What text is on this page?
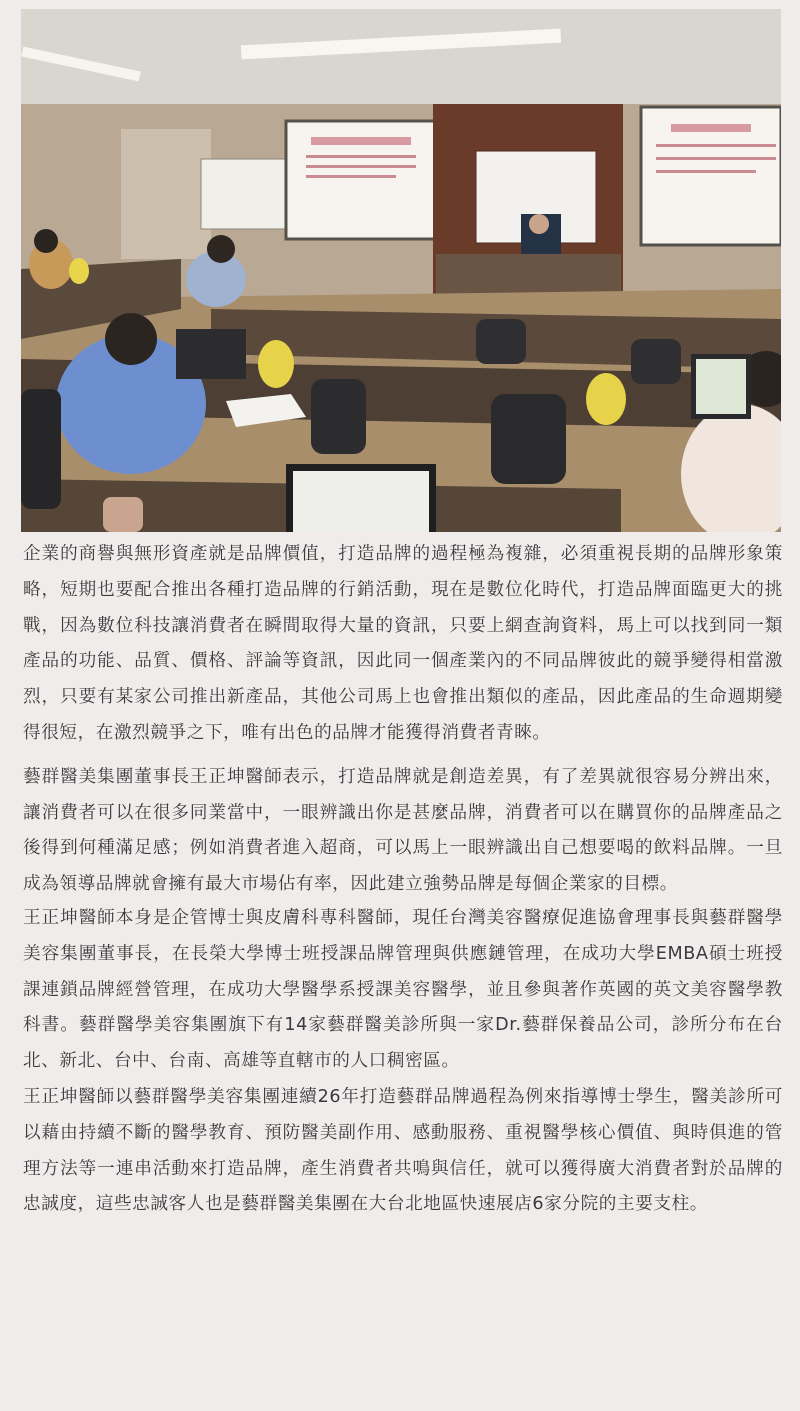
企業的商譽與無形資產就是品牌價值，打造品牌的過程極為複雜，必須重視長期的品牌形象策略，短期也要配合推出各種打造品牌的行銷活動，現在是數位化時代，打造品牌面臨更大的挑戰，因為數位科技讓消費者在瞬間取得大量的資訊，只要上網查詢資料，馬上可以找到同一類產品的功能、品質、價格、評論等資訊，因此同一個產業內的不同品牌彼此的競爭變得相當激烈，只要有某家公司推出新產品，其他公司馬上也會推出類似的產品，因此產品的生命週期變得很短，在激烈競爭之下，唯有出色的品牌才能獲得消費者青睞。

藝群醫美集團董事長王正坤醫師表示，打造品牌就是創造差異，有了差異就很容易分辨出來，讓消費者可以在很多同業當中，一眼辨識出你是甚麼品牌，消費者可以在購買你的品牌產品之後得到何種滿足感；例如消費者進入超商，可以馬上一眼辨識出自己想要喝的飲料品牌。一旦成為領導品牌就會擁有最大市場佔有率，因此建立強勢品牌是每個企業家的目標。

王正坤醫師本身是企管博士與皮膚科專科醫師，現任台灣美容醫療促進協會理事長與藝群醫學美容集團董事長，在長榮大學博士班授課品牌管理與供應鏈管理，在成功大學EMBA碩士班授課連鎖品牌經營管理，在成功大學醫學系授課美容醫學，並且參與著作英國的英文美容醫學教科書。藝群醫學美容集團旗下有14家藝群醫美診所與一家Dr.藝群保養品公司，診所分布在台北、新北、台中、台南、高雄等直轄市的人口稠密區。

王正坤醫師以藝群醫學美容集團連續26年打造藝群品牌過程為例來指導博士學生，醫美診所可以藉由持續不斷的醫學教育、預防醫美副作用、感動服務、重視醫學核心價值、與時俱進的管理方法等一連串活動來打造品牌，產生消費者共鳴與信任，就可以獲得廣大消費者對於品牌的忠誠度，這些忠誠客人也是藝群醫美集團在大台北地區快速展店6家分院的主要支柱。
